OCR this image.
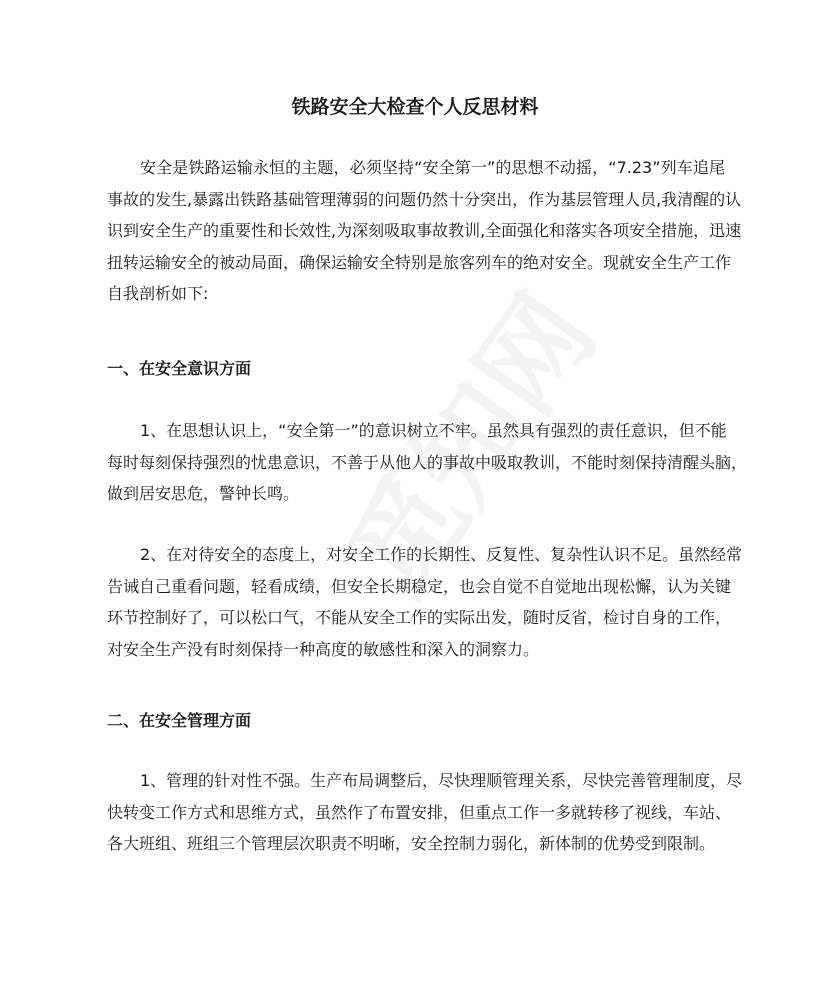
铁路安全大检查个人反思材料
安全是铁路运输永恒的主题，必须坚持“安全第一”的思想不动摇，“7.23”列车追尾
事故的发生,暴露出铁路基础管理薄弱的问题仍然十分突出，作为基层管理人员,我清醒的认
识到安全生产的重要性和长效性,为深刻吸取事故教训,全面强化和落实各项安全措施，迅速
扭转运输安全的被动局面，确保运输安全特别是旅客列车的绝对安全。现就安全生产工作
自我剖析如下:
一、在安全意识方面
1、在思想认识上，“安全第一”的意识树立不牢。虽然具有强烈的责任意识，但不能
每时每刻保持强烈的忧患意识，不善于从他人的事故中吸取教训，不能时刻保持清醒头脑，
做到居安思危，警钟长鸣。
2、在对待安全的态度上，对安全工作的长期性、反复性、复杂性认识不足。虽然经常
告诫自己重看问题，轻看成绩，但安全长期稳定，也会自觉不自觉地出现松懈，认为关键
环节控制好了，可以松口气，不能从安全工作的实际出发，随时反省，检讨自身的工作，
对安全生产没有时刻保持一种高度的敏感性和深入的洞察力。
二、在安全管理方面
1、管理的针对性不强。生产布局调整后，尽快理顺管理关系，尽快完善管理制度，尽
快转变工作方式和思维方式，虽然作了布置安排，但重点工作一多就转移了视线，车站、
各大班组、班组三个管理层次职责不明晰，安全控制力弱化，新体制的优势受到限制。
